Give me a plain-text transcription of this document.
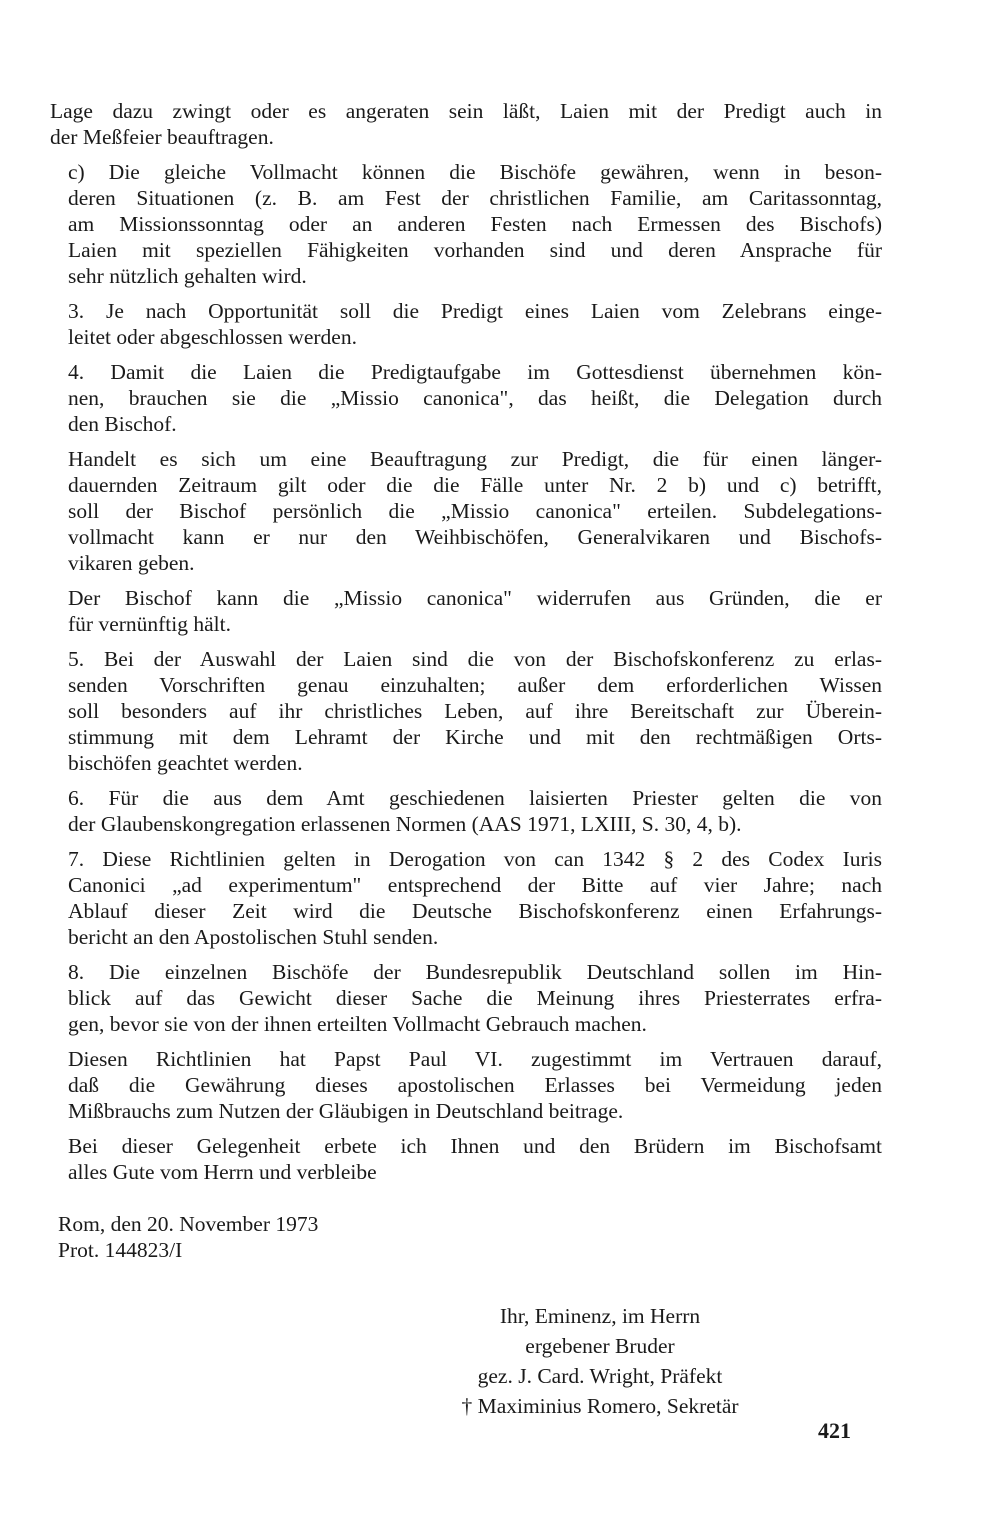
Lage dazu zwingt oder es angeraten sein läßt, Laien mit der Predigt auch in
der Meßfeier beauftragen.
c) Die gleiche Vollmacht können die Bischöfe gewähren, wenn in beson-
deren Situationen (z. B. am Fest der christlichen Familie, am Caritassonntag,
am Missionssonntag oder an anderen Festen nach Ermessen des Bischofs)
Laien mit speziellen Fähigkeiten vorhanden sind und deren Ansprache für
sehr nützlich gehalten wird.
3. Je nach Opportunität soll die Predigt eines Laien vom Zelebrans einge-
leitet oder abgeschlossen werden.
4. Damit die Laien die Predigtaufgabe im Gottesdienst übernehmen kön-
nen, brauchen sie die „Missio canonica", das heißt, die Delegation durch
den Bischof.
Handelt es sich um eine Beauftragung zur Predigt, die für einen länger-
dauernden Zeitraum gilt oder die die Fälle unter Nr. 2 b) und c) betrifft,
soll der Bischof persönlich die „Missio canonica" erteilen. Subdelegations-
vollmacht kann er nur den Weihbischöfen, Generalvikaren und Bischofs-
vikaren geben.
Der Bischof kann die „Missio canonica" widerrufen aus Gründen, die er
für vernünftig hält.
5. Bei der Auswahl der Laien sind die von der Bischofskonferenz zu erlas-
senden Vorschriften genau einzuhalten; außer dem erforderlichen Wissen
soll besonders auf ihr christliches Leben, auf ihre Bereitschaft zur Überein-
stimmung mit dem Lehramt der Kirche und mit den rechtmäßigen Orts-
bischöfen geachtet werden.
6. Für die aus dem Amt geschiedenen laisierten Priester gelten die von
der Glaubenskongregation erlassenen Normen (AAS 1971, LXIII, S. 30, 4, b).
7. Diese Richtlinien gelten in Derogation von can 1342 § 2 des Codex Iuris
Canonici „ad experimentum" entsprechend der Bitte auf vier Jahre; nach
Ablauf dieser Zeit wird die Deutsche Bischofskonferenz einen Erfahrungs-
bericht an den Apostolischen Stuhl senden.
8. Die einzelnen Bischöfe der Bundesrepublik Deutschland sollen im Hin-
blick auf das Gewicht dieser Sache die Meinung ihres Priesterrates erfra-
gen, bevor sie von der ihnen erteilten Vollmacht Gebrauch machen.
Diesen Richtlinien hat Papst Paul VI. zugestimmt im Vertrauen darauf,
daß die Gewährung dieses apostolischen Erlasses bei Vermeidung jeden
Mißbrauchs zum Nutzen der Gläubigen in Deutschland beitrage.
Bei dieser Gelegenheit erbete ich Ihnen und den Brüdern im Bischofsamt
alles Gute vom Herrn und verbleibe
Rom, den 20. November 1973
Prot. 144823/I
Ihr, Eminenz, im Herrn
ergebener Bruder
gez. J. Card. Wright, Präfekt
† Maximinius Romero, Sekretär
421
